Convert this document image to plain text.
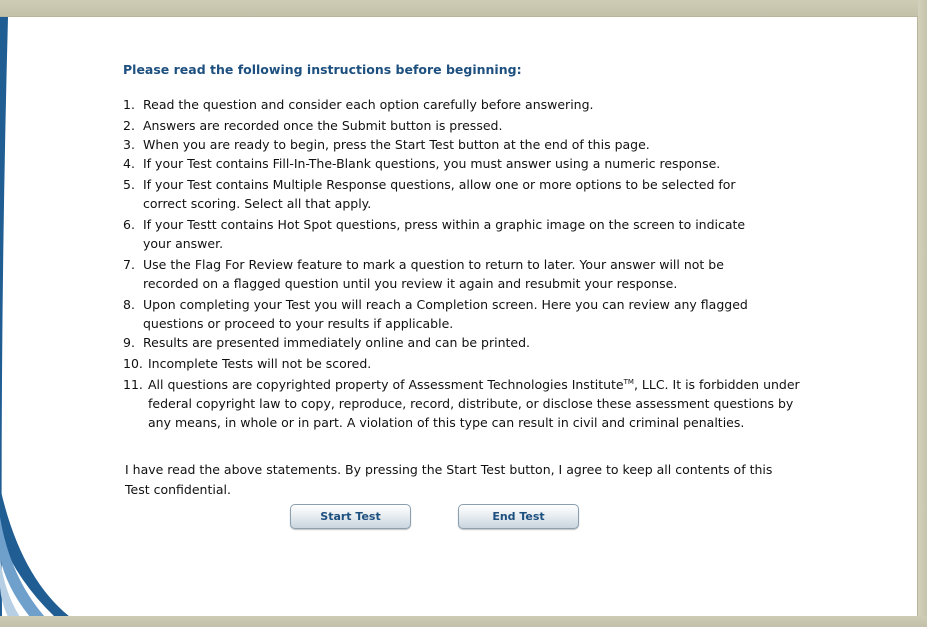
Please read the following instructions before beginning:
1. Read the question and consider each option carefully before answering.
2. Answers are recorded once the Submit button is pressed.
3. When you are ready to begin, press the Start Test button at the end of this page.
4. If your Test contains Fill-In-The-Blank questions, you must answer using a numeric response.
5. If your Test contains Multiple Response questions, allow one or more options to be selected for
correct scoring. Select all that apply.
6. If your Testt contains Hot Spot questions, press within a graphic image on the screen to indicate
your answer.
7. Use the Flag For Review feature to mark a question to return to later. Your answer will not be
recorded on a flagged question until you review it again and resubmit your response.
8. Upon completing your Test you will reach a Completion screen. Here you can review any flagged
questions or proceed to your results if applicable.
9. Results are presented immediately online and can be printed.
10. Incomplete Tests will not be scored.
11. All questions are copyrighted property of Assessment Technologies Institute™, LLC. It is forbidden under
federal copyright law to copy, reproduce, record, distribute, or disclose these assessment questions by
any means, in whole or in part. A violation of this type can result in civil and criminal penalties.
I have read the above statements. By pressing the Start Test button, I agree to keep all contents of this
Test confidential.
Start Test	End Test
